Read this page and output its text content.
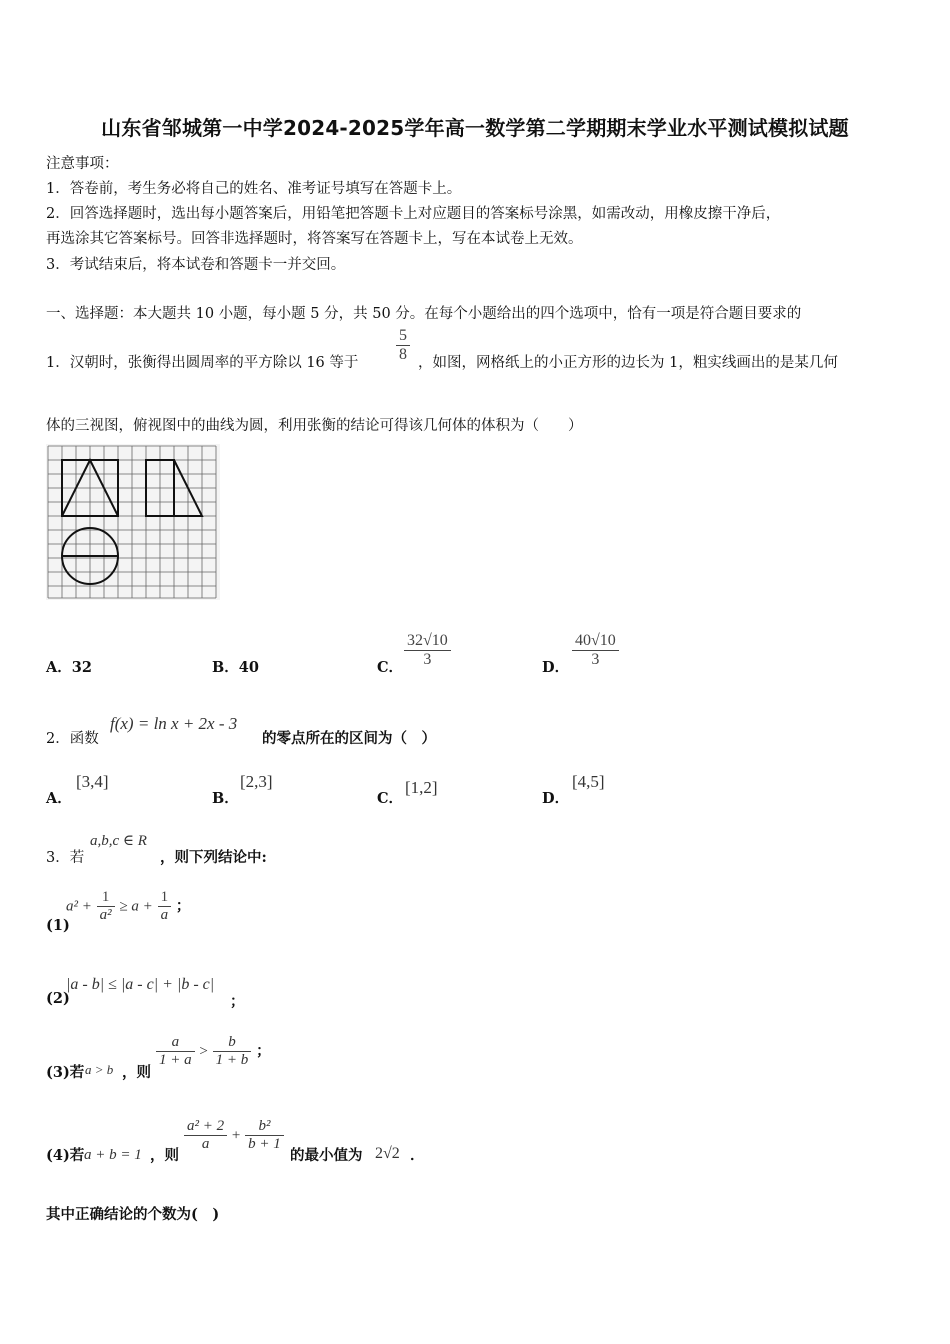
山东省邹城第一中学2024-2025学年高一数学第二学期期末学业水平测试模拟试题
注意事项：
1．答卷前，考生务必将自己的姓名、准考证号填写在答题卡上。
2．回答选择题时，选出每小题答案后，用铅笔把答题卡上对应题目的答案标号涂黑，如需改动，用橡皮擦干净后，
再选涂其它答案标号。回答非选择题时，将答案写在答题卡上，写在本试卷上无效。
3．考试结束后，将本试卷和答题卡一并交回。
一、选择题：本大题共 10 小题，每小题 5 分，共 50 分。在每个小题给出的四个选项中，恰有一项是符合题目要求的
1．汉朝时，张衡得出圆周率的平方除以 16 等于 $\frac{5}{8}$ ，如图，网格纸上的小正方形的边长为 1，粗实线画出的是某几何
体的三视图，俯视图中的曲线为圆，利用张衡的结论可得该几何体的体积为（　　）
A．32	B．40	C． $\frac{32√10}{3}$	D． $\frac{40√10}{3}$
2．函数
f(x) = ln x + 2x - 3
的零点所在的区间为（　）
A．
[3,4]
B．
[2,3]
C．
[1,2]
D．
[4,5]
3．若
a,b,c ∈ R
，则下列结论中:
(1)
$a^2 + \frac{1}{\text{a²}} \ge a + \frac{1}{a}$ ；
(2)
|a - b| ≤ |a - c| + |b - c|
；
(3)若 a > b ，则
$\frac{a}{1 + a} > \frac{b}{1 + b}$ ；
(4)若 a + b = 1 ，则
$\frac{\text{a² + 2}}{a} + \frac{\text{b²}}{b + 1}$
的最小值为 2√2 ．
其中正确结论的个数为(　)
